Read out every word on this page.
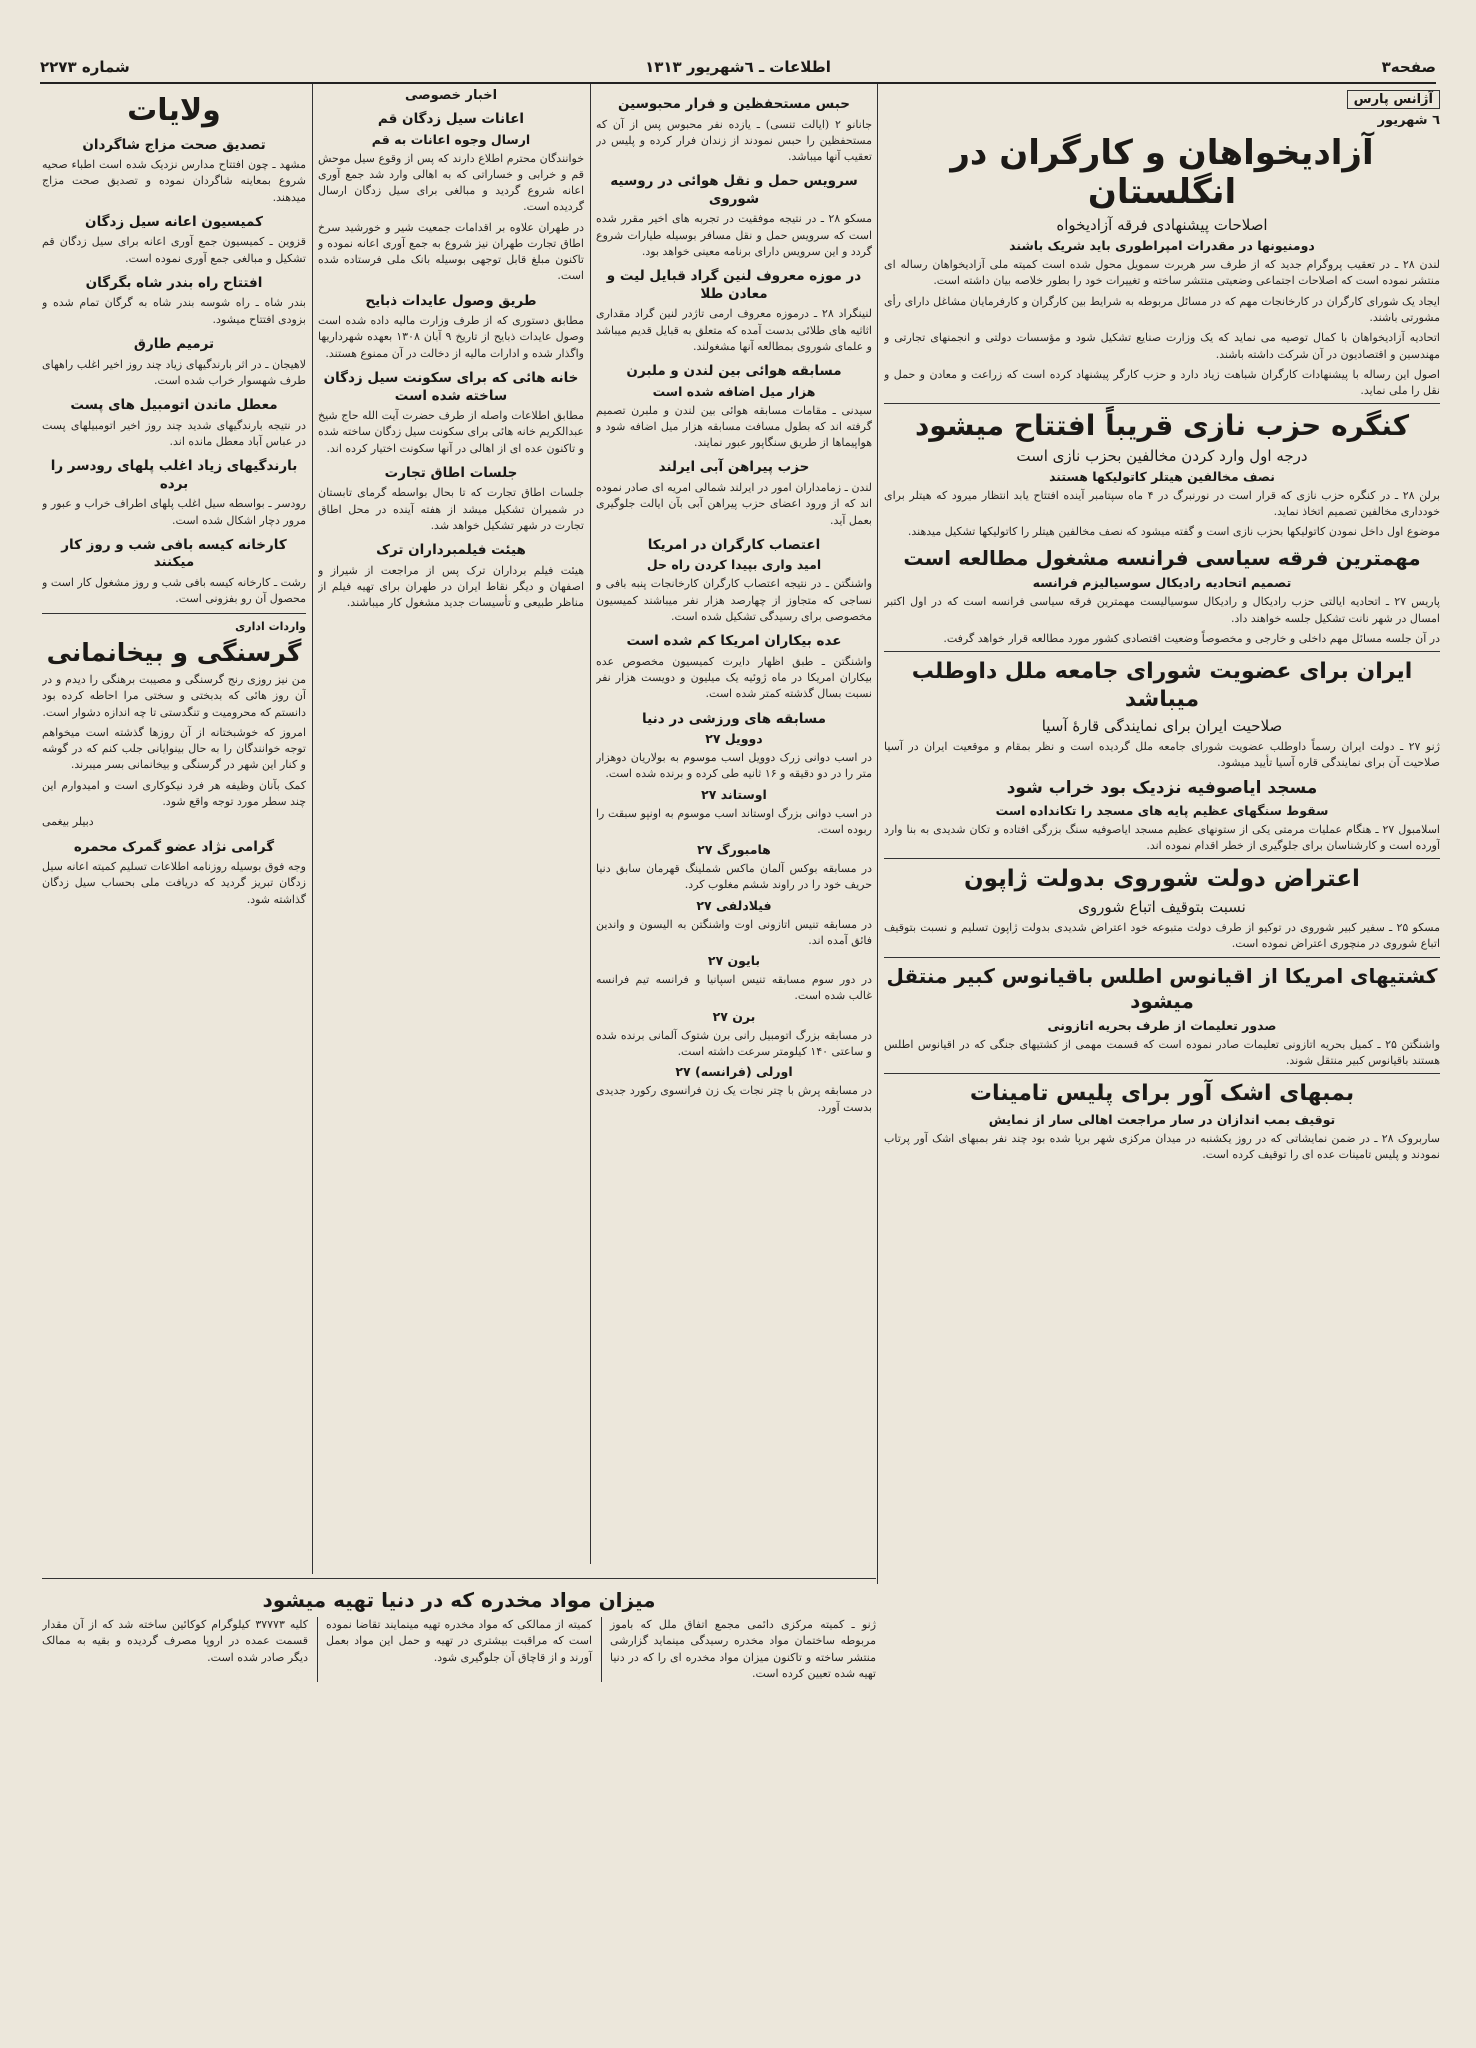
صفحه۳
اطلاعات ـ ٦شهریور ۱۳۱۳
شماره ۲۲۷۳
آژانس پارس
٦ شهریور
آزادیخواهان و کارگران در انگلستان
اصلاحات پیشنهادی فرقه آزادیخواه
دومنیونها در مقدرات امپراطوری باید شریک باشند

لندن ۲۸ ـ در تعقیب پروگرام جدید که از طرف سر هربرت سمویل محول شده است کمیته ملی آزادیخواهان رساله ای منتشر نموده است که اصلاحات اجتماعی وضعیتی منتشر ساخته و تغییرات خود را بطور خلاصه بیان داشته است.

ایجاد یک شورای کارگران در کارخانجات مهم که در مسائل مربوطه به شرایط بین کارگران و کارفرمایان مشاغل دارای رأی مشورتی باشند.

اتحادیه آزادیخواهان با کمال توصیه می نماید که یک وزارت صنایع تشکیل شود و مؤسسات دولتی و انجمنهای تجارتی و مهندسین و اقتصادیون در آن شرکت داشته باشند.

اصول این رساله با پیشنهادات کارگران شباهت زیاد دارد و حزب کارگر پیشنهاد کرده است که زراعت و معادن و حمل و نقل را ملی نماید.

کنگره حزب نازی قریباً افتتاح میشود
درجه اول وارد کردن مخالفین بحزب نازی است
نصف مخالفین هیتلر کاتولیکها هستند

برلن ۲۸ ـ در کنگره حزب نازی که قرار است در نورنبرگ در ۴ ماه سپتامبر آینده افتتاح یابد انتظار میرود که هیتلر برای خودداری مخالفین تصمیم اتخاذ نماید.

موضوع اول داخل نمودن کاتولیکها بحزب نازی است و گفته میشود که نصف مخالفین هیتلر را کاتولیکها تشکیل میدهند.

مهمترین فرقه سیاسی فرانسه مشغول مطالعه است
تصمیم اتحادیه رادیکال سوسیالیزم فرانسه

پاریس ۲۷ ـ اتحادیه ایالتی حزب رادیکال و رادیکال سوسیالیست مهمترین فرقه سیاسی فرانسه است که در اول اکتبر امسال در شهر نانت تشکیل جلسه خواهند داد.

در آن جلسه مسائل مهم داخلی و خارجی و مخصوصاً وضعیت اقتصادی کشور مورد مطالعه قرار خواهد گرفت.

ایران برای عضویت شورای جامعه ملل داوطلب میباشد
صلاحیت ایران برای نمایندگی قارهٔ آسیا

ژنو ۲۷ ـ دولت ایران رسماً داوطلب عضویت شورای جامعه ملل گردیده است و نظر بمقام و موقعیت ایران در آسیا صلاحیت آن برای نمایندگی قاره آسیا تأیید میشود.

مسجد ایاصوفیه نزدیک بود خراب شود
سقوط سنگهای عظیم پایه های مسجد را تکانداده است

اسلامبول ۲۷ ـ هنگام عملیات مرمتی یکی از ستونهای عظیم مسجد ایاصوفیه سنگ بزرگی افتاده و تکان شدیدی به بنا وارد آورده است و کارشناسان برای جلوگیری از خطر اقدام نموده اند.

اعتراض دولت شوروی بدولت ژاپون
نسبت بتوقیف اتباع شوروی

مسکو ۲۵ ـ سفیر کبیر شوروی در توکیو از طرف دولت متبوعه خود اعتراض شدیدی بدولت ژاپون تسلیم و نسبت بتوقیف اتباع شوروی در منچوری اعتراض نموده است.

کشتیهای امریکا از اقیانوس اطلس باقیانوس کبیر منتقل میشود
صدور تعلیمات از طرف بحریه اتازونی

واشنگتن ۲۵ ـ کمیل بحریه اتازونی تعلیمات صادر نموده است که قسمت مهمی از کشتیهای جنگی که در اقیانوس اطلس هستند باقیانوس کبیر منتقل شوند.

بمبهای اشک آور برای پلیس تامینات
توقیف بمب اندازان در سار مراجعت اهالی سار از نمایش

ساربروک ۲۸ ـ در ضمن نمایشاتی که در روز یکشنبه در میدان مرکزی شهر برپا شده بود چند نفر بمبهای اشک آور پرتاب نمودند و پلیس تامینات عده ای را توقیف کرده است.

حبس مستحفظین و فرار محبوسین

جانانو ۲ (ایالت تنسی) ـ یازده نفر محبوس پس از آن که مستحفظین را حبس نمودند از زندان فرار کرده و پلیس در تعقیب آنها میباشد.

سرویس حمل و نقل هوائی در روسیه شوروی

مسکو ۲۸ ـ در نتیجه موفقیت در تجربه های اخیر مقرر شده است که سرویس حمل و نقل مسافر بوسیله طیارات شروع گردد و این سرویس دارای برنامه معینی خواهد بود.

در موزه معروف لنین گراد قبایل لیت و معادن طلا

لنینگراد ۲۸ ـ درموزه معروف ارمی تاژدر لنین گراد مقداری اثاثیه های طلائی بدست آمده که متعلق به قبایل قدیم میباشد و علمای شوروی بمطالعه آنها مشغولند.

مسابقه هوائی بین لندن و ملبرن
هزار میل اضافه شده است

سیدنی ـ مقامات مسابقه هوائی بین لندن و ملبرن تصمیم گرفته اند که بطول مسافت مسابقه هزار میل اضافه شود و هواپیماها از طریق سنگاپور عبور نمایند.

حزب پیراهن آبی ایرلند

لندن ـ زمامداران امور در ایرلند شمالی امریه ای صادر نموده اند که از ورود اعضای حزب پیراهن آبی بآن ایالت جلوگیری بعمل آید.

اعتصاب کارگران در امریکا
امید واری بپیدا کردن راه حل

واشنگتن ـ در نتیجه اعتصاب کارگران کارخانجات پنبه بافی و نساجی که متجاوز از چهارصد هزار نفر میباشند کمیسیون مخصوصی برای رسیدگی تشکیل شده است.

عده بیکاران امریکا کم شده است

واشنگتن ـ طبق اظهار دایرت کمیسیون مخصوص عده بیکاران امریکا در ماه ژوئیه یک میلیون و دویست هزار نفر نسبت بسال گذشته کمتر شده است.

مسابقه های ورزشی در دنیا
دوویل ۲۷

در اسب دوانی زرک دوویل اسب موسوم به بولاریان دوهزار متر را در دو دقیقه و ۱۶ ثانیه طی کرده و برنده شده است.

اوستاند ۲۷

در اسب دوانی بزرگ اوستاند اسب موسوم به اونپو سبقت را ربوده است.

هامبورگ ۲۷

در مسابقه بوکس آلمان ماکس شملینگ قهرمان سابق دنیا حریف خود را در راوند ششم مغلوب کرد.

فیلادلفی ۲۷

در مسابقه تنیس اتازونی اوت واشنگتن به الیسون و واندین فائق آمده اند.

بایون ۲۷

در دور سوم مسابقه تنیس اسپانیا و فرانسه تیم فرانسه غالب شده است.

برن ۲۷

در مسابقه بزرگ اتومبیل رانی برن شتوک آلمانی برنده شده و ساعتی ۱۴۰ کیلومتر سرعت داشته است.

اورلی (فرانسه) ۲۷

در مسابقه پرش با چتر نجات یک زن فرانسوی رکورد جدیدی بدست آورد.

اخبار خصوصی
اعانات سیل زدگان قم
ارسال وجوه اعانات به قم

خوانندگان محترم اطلاع دارند که پس از وقوع سیل موحش قم و خرابی و خساراتی که به اهالی وارد شد جمع آوری اعانه شروع گردید و مبالغی برای سیل زدگان ارسال گردیده است.

در طهران علاوه بر اقدامات جمعیت شیر و خورشید سرخ اطاق تجارت طهران نیز شروع به جمع آوری اعانه نموده و تاکنون مبلغ قابل توجهی بوسیله بانک ملی فرستاده شده است.

طریق وصول عایدات ذبایح

مطابق دستوری که از طرف وزارت مالیه داده شده است وصول عایدات ذبایح از تاریخ ۹ آبان ۱۳۰۸ بعهده شهرداریها واگذار شده و ادارات مالیه از دخالت در آن ممنوع هستند.

خانه هائی که برای سکونت سیل زدگان ساخته شده است

مطابق اطلاعات واصله از طرف حضرت آیت الله حاج شیخ عبدالکریم خانه هائی برای سکونت سیل زدگان ساخته شده و تاکنون عده ای از اهالی در آنها سکونت اختیار کرده اند.

جلسات اطاق تجارت

جلسات اطاق تجارت که تا بحال بواسطه گرمای تابستان در شمیران تشکیل میشد از هفته آینده در محل اطاق تجارت در شهر تشکیل خواهد شد.

هیئت فیلمبرداران ترک

هیئت فیلم برداران ترک پس از مراجعت از شیراز و اصفهان و دیگر نقاط ایران در طهران برای تهیه فیلم از مناظر طبیعی و تأسیسات جدید مشغول کار میباشند.

ولایات
تصدیق صحت مزاج شاگردان

مشهد ـ چون افتتاح مدارس نزدیک شده است اطباء صحیه شروع بمعاینه شاگردان نموده و تصدیق صحت مزاج میدهند.

کمیسیون اعانه سیل زدگان

قزوین ـ کمیسیون جمع آوری اعانه برای سیل زدگان قم تشکیل و مبالغی جمع آوری نموده است.

افتتاح راه بندر شاه بگرگان

بندر شاه ـ راه شوسه بندر شاه به گرگان تمام شده و بزودی افتتاح میشود.

ترمیم طارق

لاهیجان ـ در اثر بارندگیهای زیاد چند روز اخیر اغلب راههای طرف شهسوار خراب شده است.

معطل ماندن اتومبیل های پست

در نتیجه بارندگیهای شدید چند روز اخیر اتومبیلهای پست در عباس آباد معطل مانده اند.

بارندگیهای زیاد اغلب پلهای رودسر را برده

رودسر ـ بواسطه سیل اغلب پلهای اطراف خراب و عبور و مرور دچار اشکال شده است.

کارخانه کیسه بافی شب و روز کار میکنند

رشت ـ کارخانه کیسه بافی شب و روز مشغول کار است و محصول آن رو بفزونی است.

واردات اداری
گرسنگی و بیخانمانی

من نیز روزی رنج گرسنگی و مصیبت برهنگی را دیدم و در آن روز هائی که بدبختی و سختی مرا احاطه کرده بود دانستم که محرومیت و تنگدستی تا چه اندازه دشوار است.

امروز که خوشبختانه از آن روزها گذشته است میخواهم توجه خوانندگان را به حال بینوایانی جلب کنم که در گوشه و کنار این شهر در گرسنگی و بیخانمانی بسر میبرند.

کمک بآنان وظیفه هر فرد نیکوکاری است و امیدوارم این چند سطر مورد توجه واقع شود.

دبیلر بیغمی

گرامی نژاد عضو گمرک محمره

وجه فوق بوسیله روزنامه اطلاعات تسلیم کمیته اعانه سیل زدگان تبریز گردید که دریافت ملی بحساب سیل زدگان گذاشته شود.

میزان مواد مخدره که در دنیا تهیه میشود

ژنو ـ کمیته مرکزی دائمی مجمع اتفاق ملل که باموز مربوطه ساختمان مواد مخدره رسیدگی مینماید گزارشی منتشر ساخته و تاکنون میزان مواد مخدره ای را که در دنیا تهیه شده تعیین کرده است.

کمیته از ممالکی که مواد مخدره تهیه مینمایند تقاضا نموده است که مراقبت بیشتری در تهیه و حمل این مواد بعمل آورند و از قاچاق آن جلوگیری شود.

کلیه ۳۷۷۷۳ کیلوگرام کوکائین ساخته شد که از آن مقدار قسمت عمده در اروپا مصرف گردیده و بقیه به ممالک دیگر صادر شده است.
